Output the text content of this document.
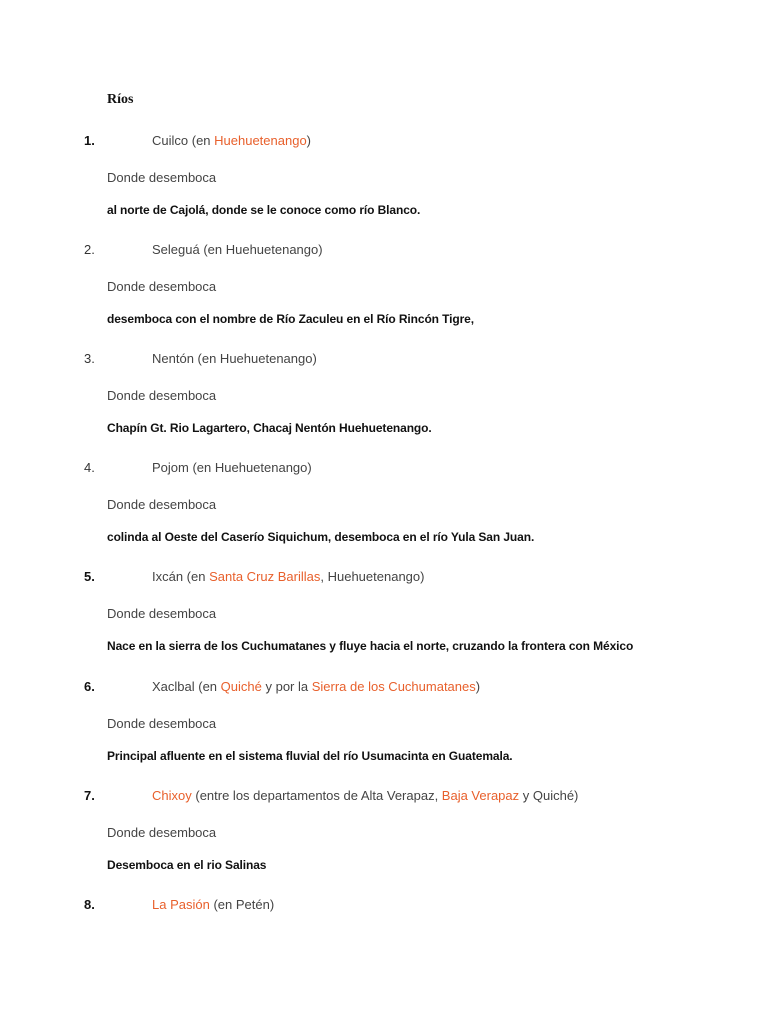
Ríos
1.	Cuilco (en Huehuetenango)
Donde desemboca
al norte de Cajolá, donde se le conoce como río Blanco.
2.	Seleguá (en Huehuetenango)
Donde desemboca
desemboca con el nombre de Río Zaculeu en el Río Rincón Tigre,
3.	Nentón (en Huehuetenango)
Donde desemboca
Chapín Gt. Rio Lagartero, Chacaj Nentón Huehuetenango.
4.	Pojom (en Huehuetenango)
Donde desemboca
colinda al Oeste del Caserío Siquichum, desemboca en el río Yula San Juan.
5.	Ixcán (en Santa Cruz Barillas, Huehuetenango)
Donde desemboca
Nace en la sierra de los Cuchumatanes y fluye hacia el norte, cruzando la frontera con México
6.	Xaclbal (en Quiché y por la Sierra de los Cuchumatanes)
Donde desemboca
Principal afluente en el sistema fluvial del río Usumacinta en Guatemala.
7.	Chixoy (entre los departamentos de Alta Verapaz, Baja Verapaz y Quiché)
Donde desemboca
Desemboca en el rio Salinas
8.	La Pasión (en Petén)
